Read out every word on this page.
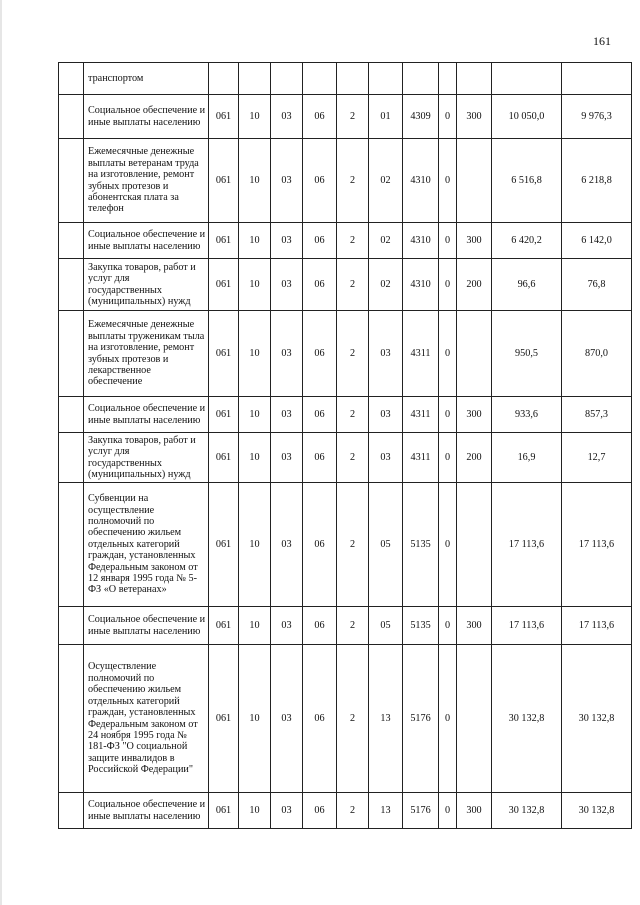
161
	транспортом											
	Социальное обеспечение и иные выплаты населению	061	10	03	06	2	01	4309	0	300	10 050,0	9 976,3
	Ежемесячные денежные выплаты ветеранам труда на изготовление, ремонт зубных протезов и абонентская плата за телефон	061	10	03	06	2	02	4310	0		6 516,8	6 218,8
	Социальное обеспечение и иные выплаты населению	061	10	03	06	2	02	4310	0	300	6 420,2	6 142,0
	Закупка товаров, работ и услуг для государственных (муниципальных) нужд	061	10	03	06	2	02	4310	0	200	96,6	76,8
	Ежемесячные денежные выплаты труженикам тыла на изготовление, ремонт зубных протезов и лекарственное обеспечение	061	10	03	06	2	03	4311	0		950,5	870,0
	Социальное обеспечение и иные выплаты населению	061	10	03	06	2	03	4311	0	300	933,6	857,3
	Закупка товаров, работ и услуг для государственных (муниципальных) нужд	061	10	03	06	2	03	4311	0	200	16,9	12,7
	Субвенции на осуществление полномочий по обеспечению жильем отдельных категорий граждан, установленных Федеральным законом от 12 января 1995 года № 5-ФЗ «О ветеранах»	061	10	03	06	2	05	5135	0		17 113,6	17 113,6
	Социальное обеспечение и иные выплаты населению	061	10	03	06	2	05	5135	0	300	17 113,6	17 113,6
	Осуществление полномочий по обеспечению жильем отдельных категорий граждан, установленных Федеральным законом от 24 ноября 1995 года № 181-ФЗ "О социальной защите инвалидов в Российской Федерации"	061	10	03	06	2	13	5176	0		30 132,8	30 132,8
	Социальное обеспечение и иные выплаты населению	061	10	03	06	2	13	5176	0	300	30 132,8	30 132,8
